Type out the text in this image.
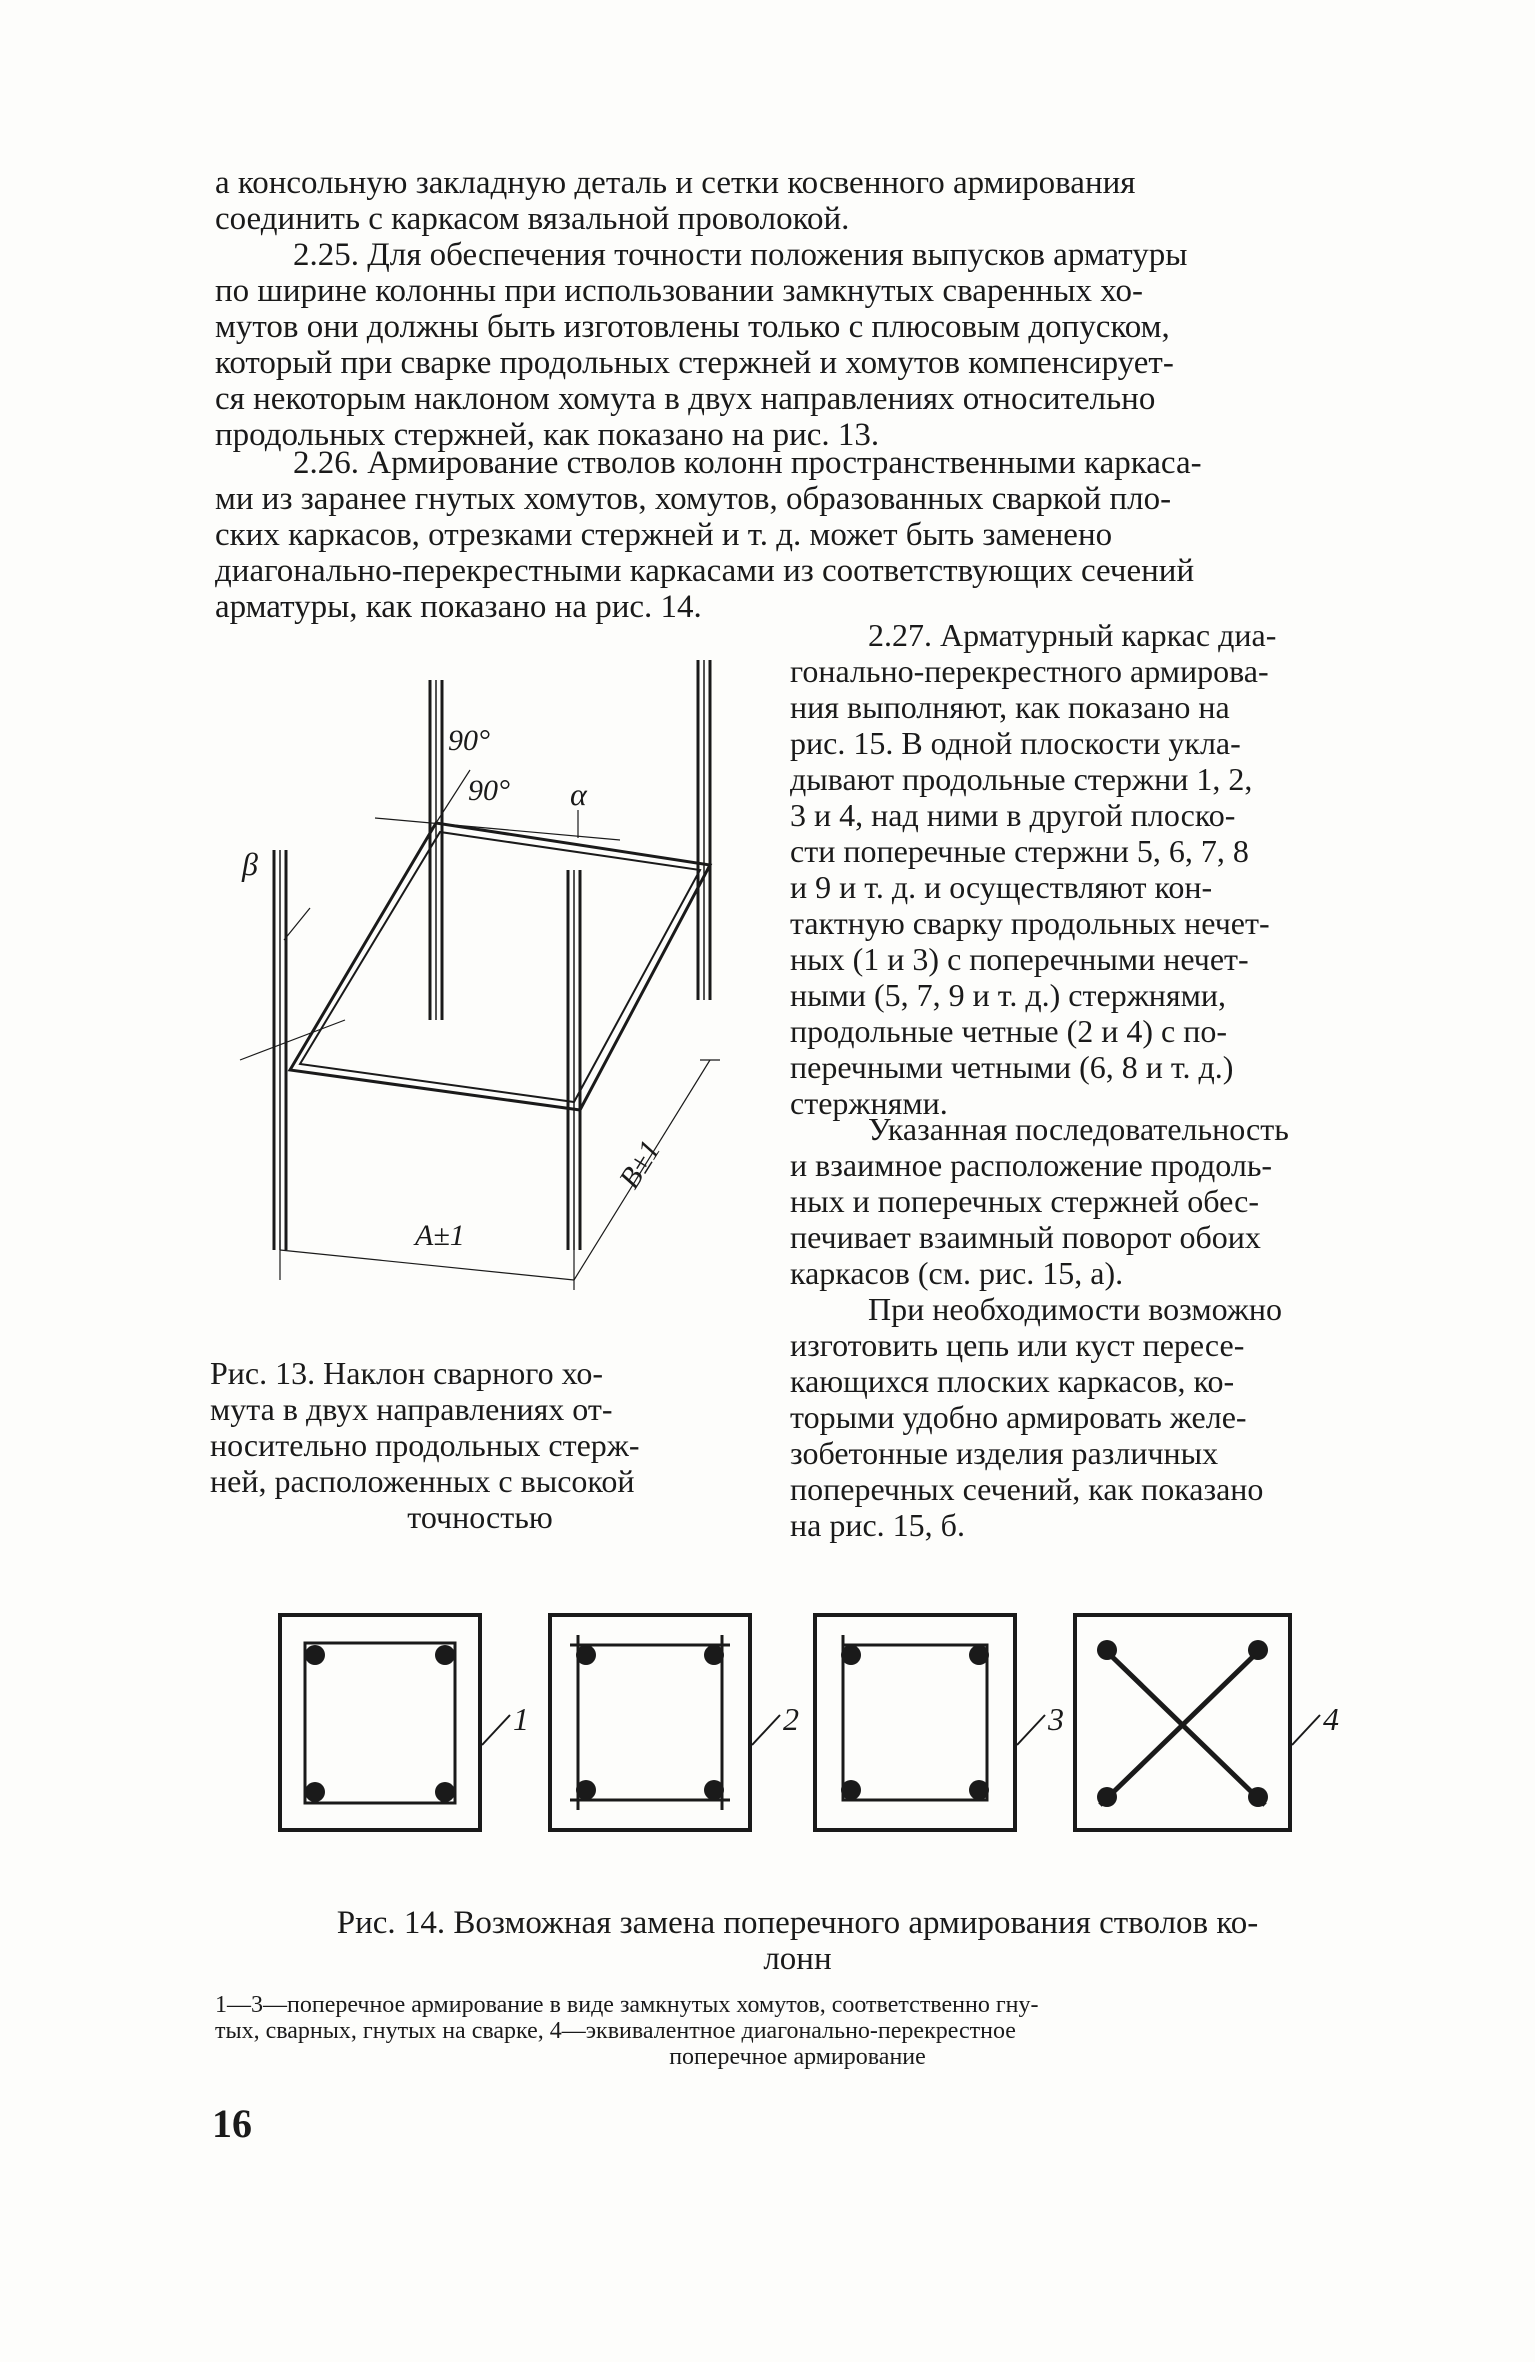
а консольную закладную деталь и сетки косвенного армирования
соединить с каркасом вязальной проволокой.
2.25. Для обеспечения точности положения выпусков арматуры
по ширине колонны при использовании замкнутых сваренных хо-
мутов они должны быть изготовлены только с плюсовым допуском,
который при сварке продольных стержней и хомутов компенсирует-
ся некоторым наклоном хомута в двух направлениях относительно
продольных стержней, как показано на рис. 13.
2.26. Армирование стволов колонн пространственными каркаса-
ми из заранее гнутых хомутов, хомутов, образованных сваркой пло-
ских каркасов, отрезками стержней и т. д. может быть заменено
диагонально-перекрестными каркасами из соответствующих сечений
арматуры, как показано на рис. 14.
2.27. Арматурный каркас диа-
гонально-перекрестного армирова-
ния выполняют, как показано на
рис. 15. В одной плоскости укла-
дывают продольные стержни 1, 2,
3 и 4, над ними в другой плоско-
сти поперечные стержни 5, 6, 7, 8
и 9 и т. д. и осуществляют кон-
тактную сварку продольных нечет-
ных (1 и 3) с поперечными нечет-
ными (5, 7, 9 и т. д.) стержнями,
продольные четные (2 и 4) с по-
перечными четными (6, 8 и т. д.)
стержнями.
Указанная последовательность
и взаимное расположение продоль-
ных и поперечных стержней обес-
печивает взаимный поворот обоих
каркасов (см. рис. 15, а).
При необходимости возможно
изготовить цепь или куст пересе-
кающихся плоских каркасов, ко-
торыми удобно армировать желе-
зобетонные изделия различных
поперечных сечений, как показано
на рис. 15, б.
90°
90° α
β
A±1
B±1
Рис. 13. Наклон сварного хо-
мута в двух направлениях от-
носительно продольных стерж-
ней, расположенных с высокой
точностью
1	2	3	4
Рис. 14. Возможная замена поперечного армирования стволов ко-
лонн
1—3—поперечное армирование в виде замкнутых хомутов, соответственно гну-
тых, сварных, гнутых на сварке, 4—эквивалентное диагонально-перекрестное
поперечное армирование
16
